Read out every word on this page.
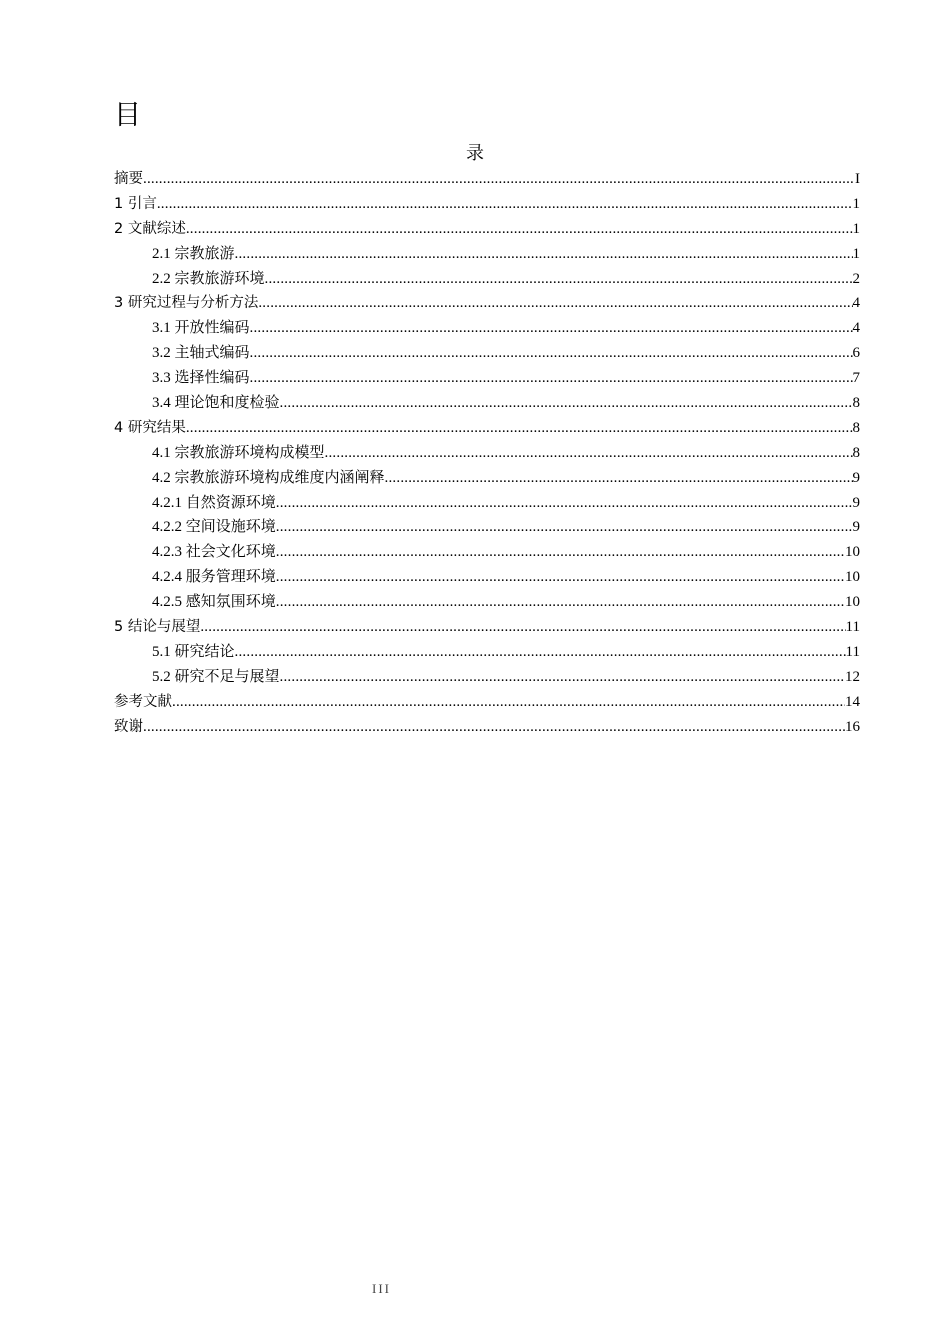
目
录
摘要 .....	I
1 引言 .....	1
2 文献综述 .....	1
2.1 宗教旅游 .....	1
2.2 宗教旅游环境 .....	2
3 研究过程与分析方法 .....	4
3.1 开放性编码 .....	4
3.2 主轴式编码 .....	6
3.3 选择性编码 .....	7
3.4 理论饱和度检验 .....	8
4 研究结果 .....	8
4.1 宗教旅游环境构成模型 .....	8
4.2 宗教旅游环境构成维度内涵阐释 .....	9
4.2.1 自然资源环境 .....	9
4.2.2 空间设施环境 .....	9
4.2.3 社会文化环境 .....	10
4.2.4 服务管理环境 .....	10
4.2.5 感知氛围环境 .....	10
5 结论与展望 .....	11
5.1 研究结论 .....	11
5.2 研究不足与展望 .....	12
参考文献 .....	14
致谢 .....	16
III
